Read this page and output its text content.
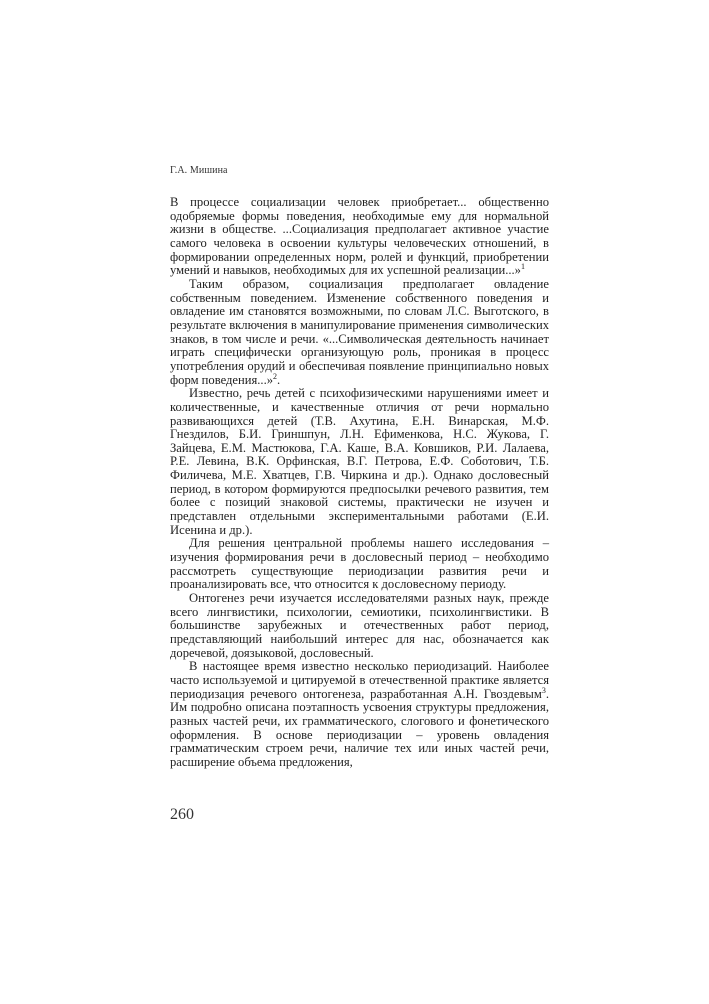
Г.А. Мишина

В процессе социализации человек приобретает... общественно одобряемые формы поведения, необходимые ему для нормальной жизни в обществе. ...Социализация предполагает активное участие самого человека в освоении культуры человеческих отношений, в формировании определенных норм, ролей и функций, приобретении умений и навыков, необходимых для их успешной реализации...»$^1$

Таким образом, социализация предполагает овладение собственным поведением. Изменение собственного поведения и овладение им становятся возможными, по словам Л.С. Выготского, в результате включения в манипулирование применения символических знаков, в том числе и речи. «...Символическая деятельность начинает играть специфически организующую роль, проникая в процесс употребления орудий и обеспечивая появление принципиально новых форм поведения...»$^2$.

Известно, речь детей с психофизическими нарушениями имеет и количественные, и качественные отличия от речи нормально развивающихся детей (Т.В. Ахутина, Е.Н. Винарская, М.Ф. Гнездилов, Б.И. Гриншпун, Л.Н. Ефименкова, Н.С. Жукова, Г. Зайцева, Е.М. Мастюкова, Г.А. Каше, В.А. Ковшиков, Р.И. Лалаева, Р.Е. Левина, В.К. Орфинская, В.Г. Петрова, Е.Ф. Соботович, Т.Б. Филичева, М.Е. Хватцев, Г.В. Чиркина и др.). Однако дословесный период, в котором формируются предпосылки речевого развития, тем более с позиций знаковой системы, практически не изучен и представлен отдельными экспериментальными работами (Е.И. Исенина и др.).

Для решения центральной проблемы нашего исследования – изучения формирования речи в дословесный период – необходимо рассмотреть существующие периодизации развития речи и проанализировать все, что относится к дословесному периоду.

Онтогенез речи изучается исследователями разных наук, прежде всего лингвистики, психологии, семиотики, психолингвистики. В большинстве зарубежных и отечественных работ период, представляющий наибольший интерес для нас, обозначается как доречевой, доязыковой, дословесный.

В настоящее время известно несколько периодизаций. Наиболее часто используемой и цитируемой в отечественной практике является периодизация речевого онтогенеза, разработанная А.Н. Гвоздевым$^3$. Им подробно описана поэтапность усвоения структуры предложения, разных частей речи, их грамматического, слогового и фонетического оформления. В основе периодизации – уровень овладения грамматическим строем речи, наличие тех или иных частей речи, расширение объема предложения,

260
